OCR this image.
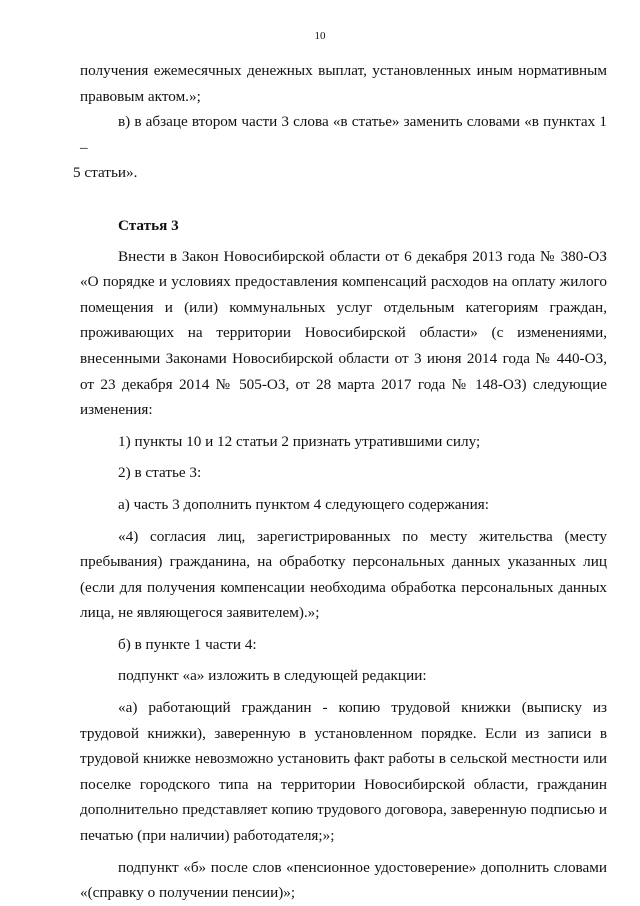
10

получения ежемесячных денежных выплат, установленных иным нормативным правовым актом.»;

в) в абзаце втором части 3 слова «в статье» заменить словами «в пунктах 1 –

5 статьи».

Статья 3

Внести в Закон Новосибирской области от 6 декабря 2013 года № 380-ОЗ «О порядке и условиях предоставления компенсаций расходов на оплату жилого помещения и (или) коммунальных услуг отдельным категориям граждан, проживающих на территории Новосибирской области» (с изменениями, внесенными Законами Новосибирской области от 3 июня 2014 года № 440-ОЗ, от 23 декабря 2014 № 505-ОЗ, от 28 марта 2017 года № 148-ОЗ) следующие изменения:

1) пункты 10 и 12 статьи 2 признать утратившими силу;

2) в статье 3:

а) часть 3 дополнить пунктом 4 следующего содержания:

«4) согласия лиц, зарегистрированных по месту жительства (месту пребывания) гражданина, на обработку персональных данных указанных лиц (если для получения компенсации необходима обработка персональных данных лица, не являющегося заявителем).»;

б) в пункте 1 части 4:

подпункт «а» изложить в следующей редакции:

«а) работающий гражданин - копию трудовой книжки (выписку из трудовой книжки), заверенную в установленном порядке. Если из записи в трудовой книжке невозможно установить факт работы в сельской местности или поселке городского типа на территории Новосибирской области, гражданин дополнительно представляет копию трудового договора, заверенную подписью и печатью (при наличии) работодателя;»;

подпункт «б» после слов «пенсионное удостоверение» дополнить словами «(справку о получении пенсии)»;
